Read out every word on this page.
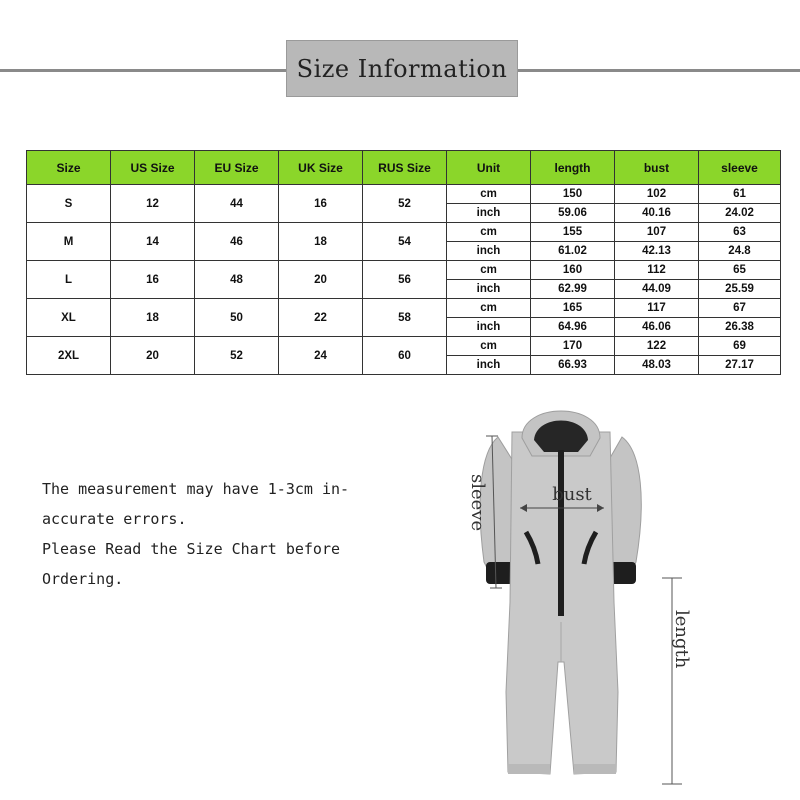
Size Information
Size	US Size	EU Size	UK Size	RUS Size	Unit	length	bust	sleeve
S	12	44	16	52	cm	150	102	61
					inch	59.06	40.16	24.02
M	14	46	18	54	cm	155	107	63
					inch	61.02	42.13	24.8
L	16	48	20	56	cm	160	112	65
					inch	62.99	44.09	25.59
XL	18	50	22	58	cm	165	117	67
					inch	64.96	46.06	26.38
2XL	20	52	24	60	cm	170	122	69
					inch	66.93	48.03	27.17
The measurement may have 1-3cm in-
accurate errors.
Please Read the Size Chart before
Ordering.
bust
sleeve
length
